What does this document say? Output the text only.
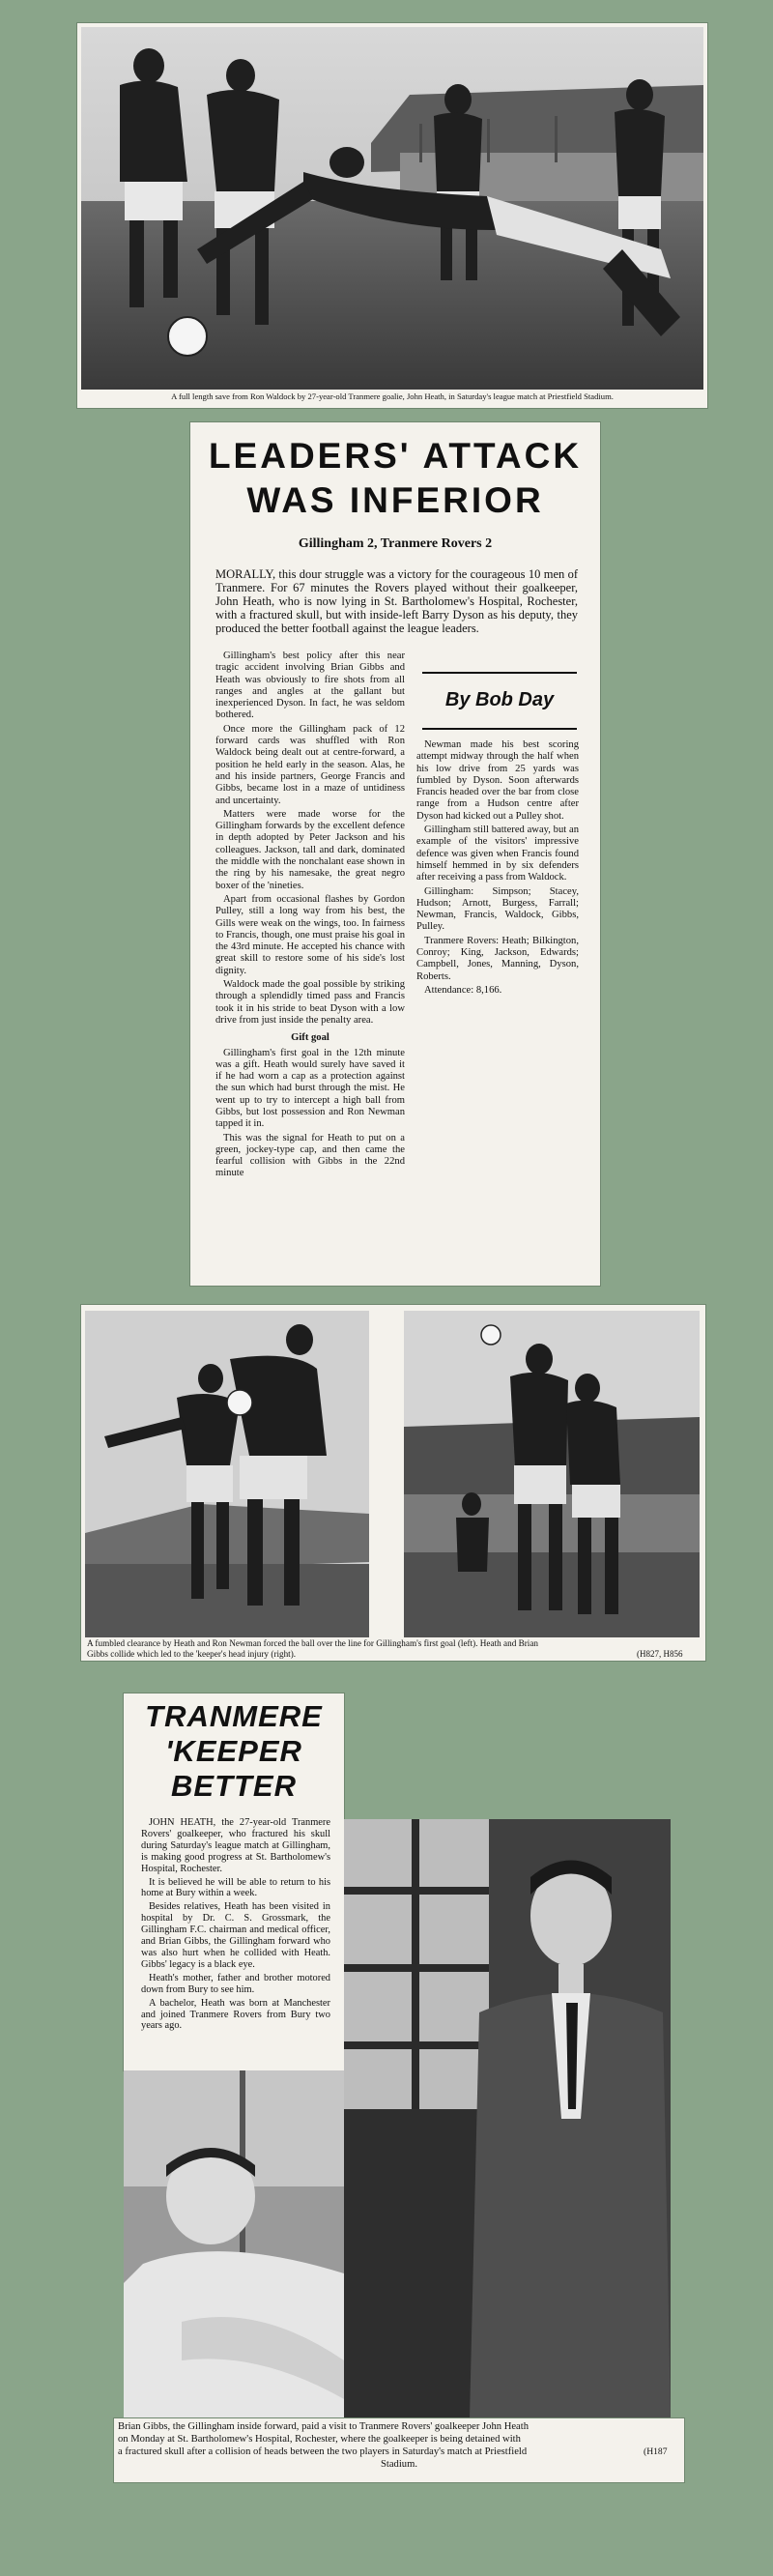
A full length save from Ron Waldock by 27-year-old Tranmere goalie, John Heath, in Saturday's league match at Priestfield Stadium.
LEADERS' ATTACK
WAS INFERIOR
Gillingham 2, Tranmere Rovers 2

MORALLY, this dour struggle was a victory for the courageous 10 men of Tranmere. For 67 minutes the Rovers played without their goalkeeper, John Heath, who is now lying in St. Bartholomew's Hospital, Rochester, with a fractured skull, but with inside-left Barry Dyson as his deputy, they produced the better football against the league leaders.

Gillingham's best policy after this near tragic accident involving Brian Gibbs and Heath was obviously to fire shots from all ranges and angles at the gallant but inexperienced Dyson. In fact, he was seldom bothered.

Once more the Gillingham pack of 12 forward cards was shuffled with Ron Waldock being dealt out at centre-forward, a position he held early in the season. Alas, he and his inside partners, George Francis and Gibbs, became lost in a maze of untidiness and uncertainty.

Matters were made worse for the Gillingham forwards by the excellent defence in depth adopted by Peter Jackson and his colleagues. Jackson, tall and dark, dominated the middle with the nonchalant ease shown in the ring by his namesake, the great negro boxer of the 'nineties.

Apart from occasional flashes by Gordon Pulley, still a long way from his best, the Gills were weak on the wings, too. In fairness to Francis, though, one must praise his goal in the 43rd minute. He accepted his chance with great skill to restore some of his side's lost dignity.

Waldock made the goal possible by striking through a splendidly timed pass and Francis took it in his stride to beat Dyson with a low drive from just inside the penalty area.

Gift goal

Gillingham's first goal in the 12th minute was a gift. Heath would surely have saved it if he had worn a cap as a protection against the sun which had burst through the mist. He went up to try to intercept a high ball from Gibbs, but lost possession and Ron Newman tapped it in.

This was the signal for Heath to put on a green, jockey-type cap, and then came the fearful collision with Gibbs in the 22nd minute

By Bob Day

Newman made his best scoring attempt midway through the half when his low drive from 25 yards was fumbled by Dyson. Soon afterwards Francis headed over the bar from close range from a Hudson centre after Dyson had kicked out a Pulley shot.

Gillingham still battered away, but an example of the visitors' impressive defence was given when Francis found himself hemmed in by six defenders after receiving a pass from Waldock.

Gillingham: Simpson; Stacey, Hudson; Arnott, Burgess, Farrall; Newman, Francis, Waldock, Gibbs, Pulley.

Tranmere Rovers: Heath; Bilkington, Conroy; King, Jackson, Edwards; Campbell, Jones, Manning, Dyson, Roberts.

Attendance: 8,166.

A fumbled clearance by Heath and Ron Newman forced the ball over the line for Gillingham's first goal (left). Heath and Brian
Gibbs collide which led to the 'keeper's head injury (right).	(H827, H856
TRANMERE
'KEEPER
BETTER

JOHN HEATH, the 27-year-old Tranmere Rovers' goalkeeper, who fractured his skull during Saturday's league match at Gillingham, is making good progress at St. Bartholomew's Hospital, Rochester.

It is believed he will be able to return to his home at Bury within a week.

Besides relatives, Heath has been visited in hospital by Dr. C. S. Grossmark, the Gillingham F.C. chairman and medical officer, and Brian Gibbs, the Gillingham forward who was also hurt when he collided with Heath. Gibbs' legacy is a black eye.

Heath's mother, father and brother motored down from Bury to see him.

A bachelor, Heath was born at Manchester and joined Tranmere Rovers from Bury two years ago.

Brian Gibbs, the Gillingham inside forward, paid a visit to Tranmere Rovers' goalkeeper John Heath
on Monday at St. Bartholomew's Hospital, Rochester, where the goalkeeper is being detained with
a fractured skull after a collision of heads between the two players in Saturday's match at Priestfield
Stadium.
(H187
